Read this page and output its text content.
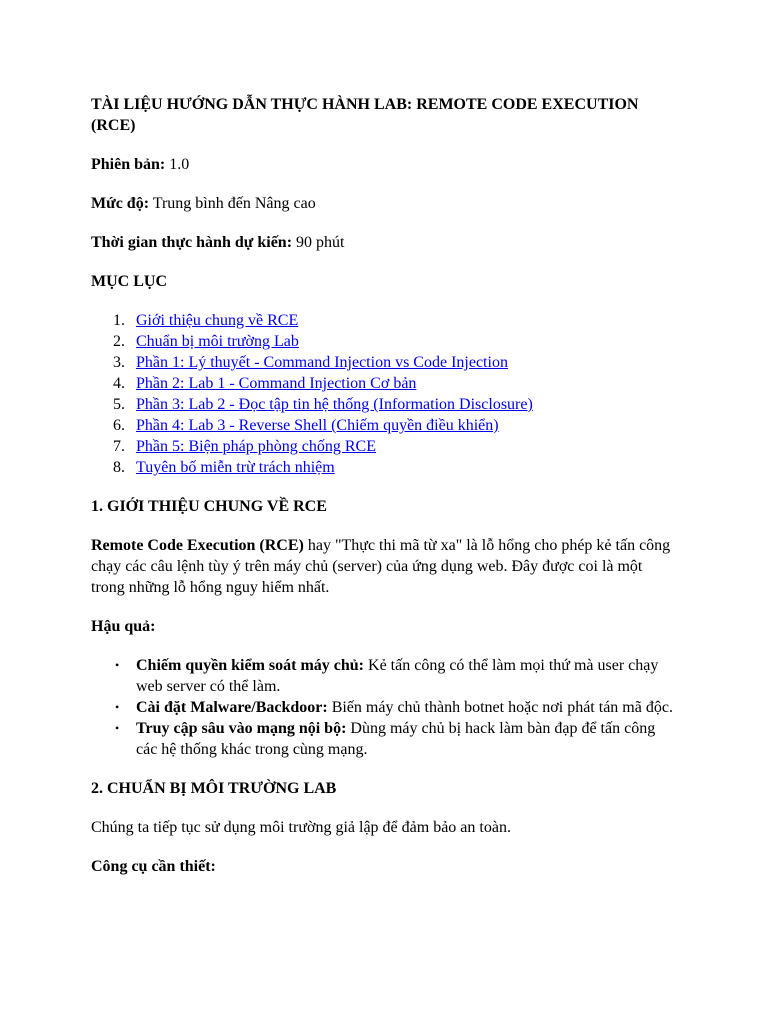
TÀI LIỆU HƯỚNG DẪN THỰC HÀNH LAB: REMOTE CODE EXECUTION (RCE)

Phiên bản: 1.0

Mức độ: Trung bình đến Nâng cao

Thời gian thực hành dự kiến: 90 phút

MỤC LỤC

1. Giới thiệu chung về RCE
2. Chuẩn bị môi trường Lab
3. Phần 1: Lý thuyết - Command Injection vs Code Injection
4. Phần 2: Lab 1 - Command Injection Cơ bản
5. Phần 3: Lab 2 - Đọc tập tin hệ thống (Information Disclosure)
6. Phần 4: Lab 3 - Reverse Shell (Chiếm quyền điều khiển)
7. Phần 5: Biện pháp phòng chống RCE
8. Tuyên bố miễn trừ trách nhiệm
1. GIỚI THIỆU CHUNG VỀ RCE

Remote Code Execution (RCE) hay "Thực thi mã từ xa" là lỗ hổng cho phép kẻ tấn công chạy các câu lệnh tùy ý trên máy chủ (server) của ứng dụng web. Đây được coi là một trong những lỗ hổng nguy hiểm nhất.

Hậu quả:

• Chiếm quyền kiểm soát máy chủ: Kẻ tấn công có thể làm mọi thứ mà user chạy web server có thể làm.
• Cài đặt Malware/Backdoor: Biến máy chủ thành botnet hoặc nơi phát tán mã độc.
• Truy cập sâu vào mạng nội bộ: Dùng máy chủ bị hack làm bàn đạp để tấn công các hệ thống khác trong cùng mạng.
2. CHUẨN BỊ MÔI TRƯỜNG LAB

Chúng ta tiếp tục sử dụng môi trường giả lập để đảm bảo an toàn.

Công cụ cần thiết:
